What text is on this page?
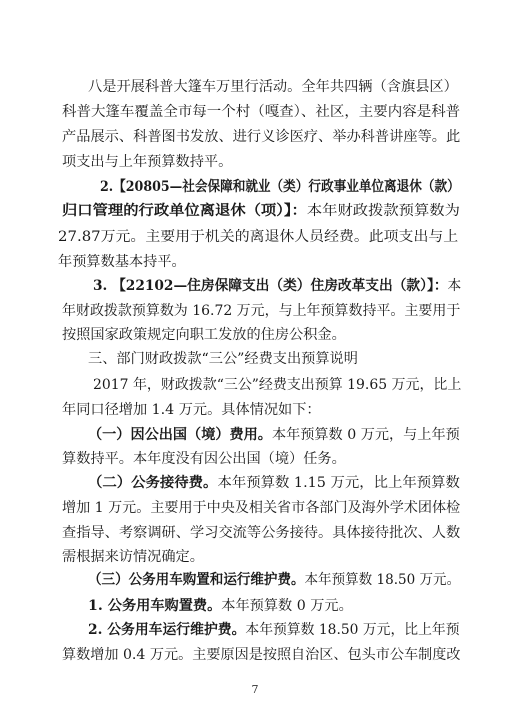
八是开展科普大篷车万里行活动。全年共四辆（含旗县区）
科普大篷车覆盖全市每一个村（嘎查）、社区，主要内容是科普
产品展示、科普图书发放、进行义诊医疗、举办科普讲座等。此
项支出与上年预算数持平。
2.【20805—社会保障和就业（类）行政事业单位离退休（款）
归口管理的行政单位离退休（项）】：本年财政拨款预算数为
27.87万元。主要用于机关的离退休人员经费。此项支出与上
年预算数基本持平。
3. 【22102—住房保障支出（类）住房改革支出（款）】：本
年财政拨款预算数为 16.72 万元，与上年预算数持平。主要用于
按照国家政策规定向职工发放的住房公积金。
三、部门财政拨款“三公”经费支出预算说明
2017 年，财政拨款“三公”经费支出预算 19.65 万元，比上
年同口径增加 1.4 万元。具体情况如下：
（一）因公出国（境）费用。本年预算数 0 万元，与上年预
算数持平。本年度没有因公出国（境）任务。
（二）公务接待费。本年预算数 1.15 万元，比上年预算数
增加 1 万元。主要用于中央及相关省市各部门及海外学术团体检
查指导、考察调研、学习交流等公务接待。具体接待批次、人数
需根据来访情况确定。
（三）公务用车购置和运行维护费。本年预算数 18.50 万元。
1. 公务用车购置费。本年预算数 0 万元。
2. 公务用车运行维护费。本年预算数 18.50 万元，比上年预
算数增加 0.4 万元。主要原因是按照自治区、包头市公车制度改
7
